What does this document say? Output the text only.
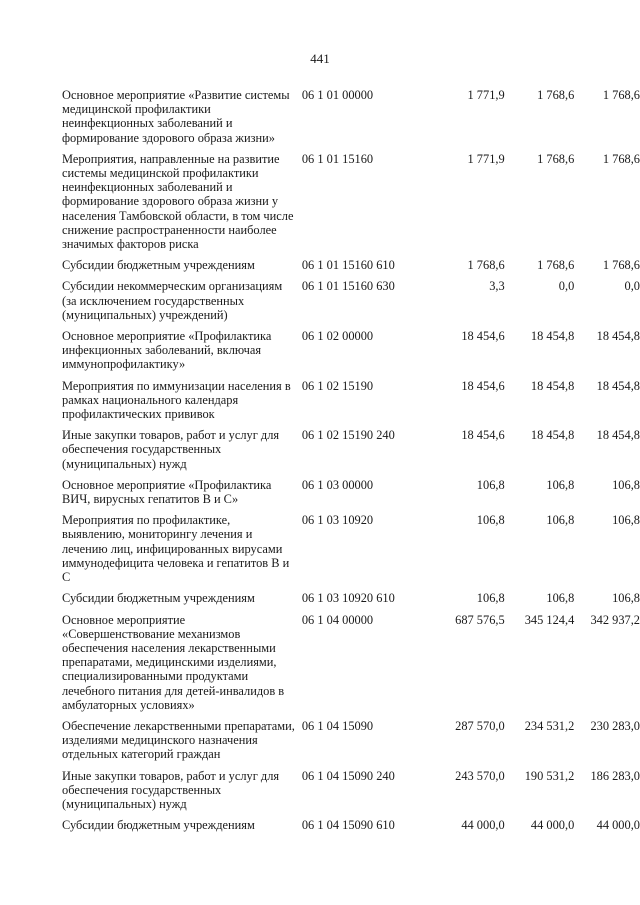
441
Основное мероприятие «Развитие системы медицинской профилактики неинфекционных заболеваний и формирование здорового образа жизни»	06 1 01 00000	1 771,9	1 768,6	1 768,6
Мероприятия, направленные на развитие системы медицинской профилактики неинфекционных заболеваний и формирование здорового образа жизни у населения Тамбовской области, в том числе снижение распространенности наиболее значимых факторов риска	06 1 01 15160	1 771,9	1 768,6	1 768,6
Субсидии бюджетным учреждениям	06 1 01 15160 610	1 768,6	1 768,6	1 768,6
Субсидии некоммерческим организациям (за исключением государственных (муниципальных) учреждений)	06 1 01 15160 630	3,3	0,0	0,0
Основное мероприятие «Профилактика инфекционных заболеваний, включая иммунопрофилактику»	06 1 02 00000	18 454,6	18 454,8	18 454,8
Мероприятия по иммунизации населения в рамках национального календаря профилактических прививок	06 1 02 15190	18 454,6	18 454,8	18 454,8
Иные закупки товаров, работ и услуг для обеспечения государственных (муниципальных) нужд	06 1 02 15190 240	18 454,6	18 454,8	18 454,8
Основное мероприятие «Профилактика ВИЧ, вирусных гепатитов В и С»	06 1 03 00000	106,8	106,8	106,8
Мероприятия по профилактике, выявлению, мониторингу лечения и лечению лиц, инфицированных вирусами иммунодефицита человека и гепатитов В и С	06 1 03 10920	106,8	106,8	106,8
Субсидии бюджетным учреждениям	06 1 03 10920 610	106,8	106,8	106,8
Основное мероприятие «Совершенствование механизмов обеспечения населения лекарственными препаратами, медицинскими изделиями, специализированными продуктами лечебного питания для детей-инвалидов в амбулаторных условиях»	06 1 04 00000	687 576,5	345 124,4	342 937,2
Обеспечение лекарственными препаратами, изделиями медицинского назначения отдельных категорий граждан	06 1 04 15090	287 570,0	234 531,2	230 283,0
Иные закупки товаров, работ и услуг для обеспечения государственных (муниципальных) нужд	06 1 04 15090 240	243 570,0	190 531,2	186 283,0
Субсидии бюджетным учреждениям	06 1 04 15090 610	44 000,0	44 000,0	44 000,0
